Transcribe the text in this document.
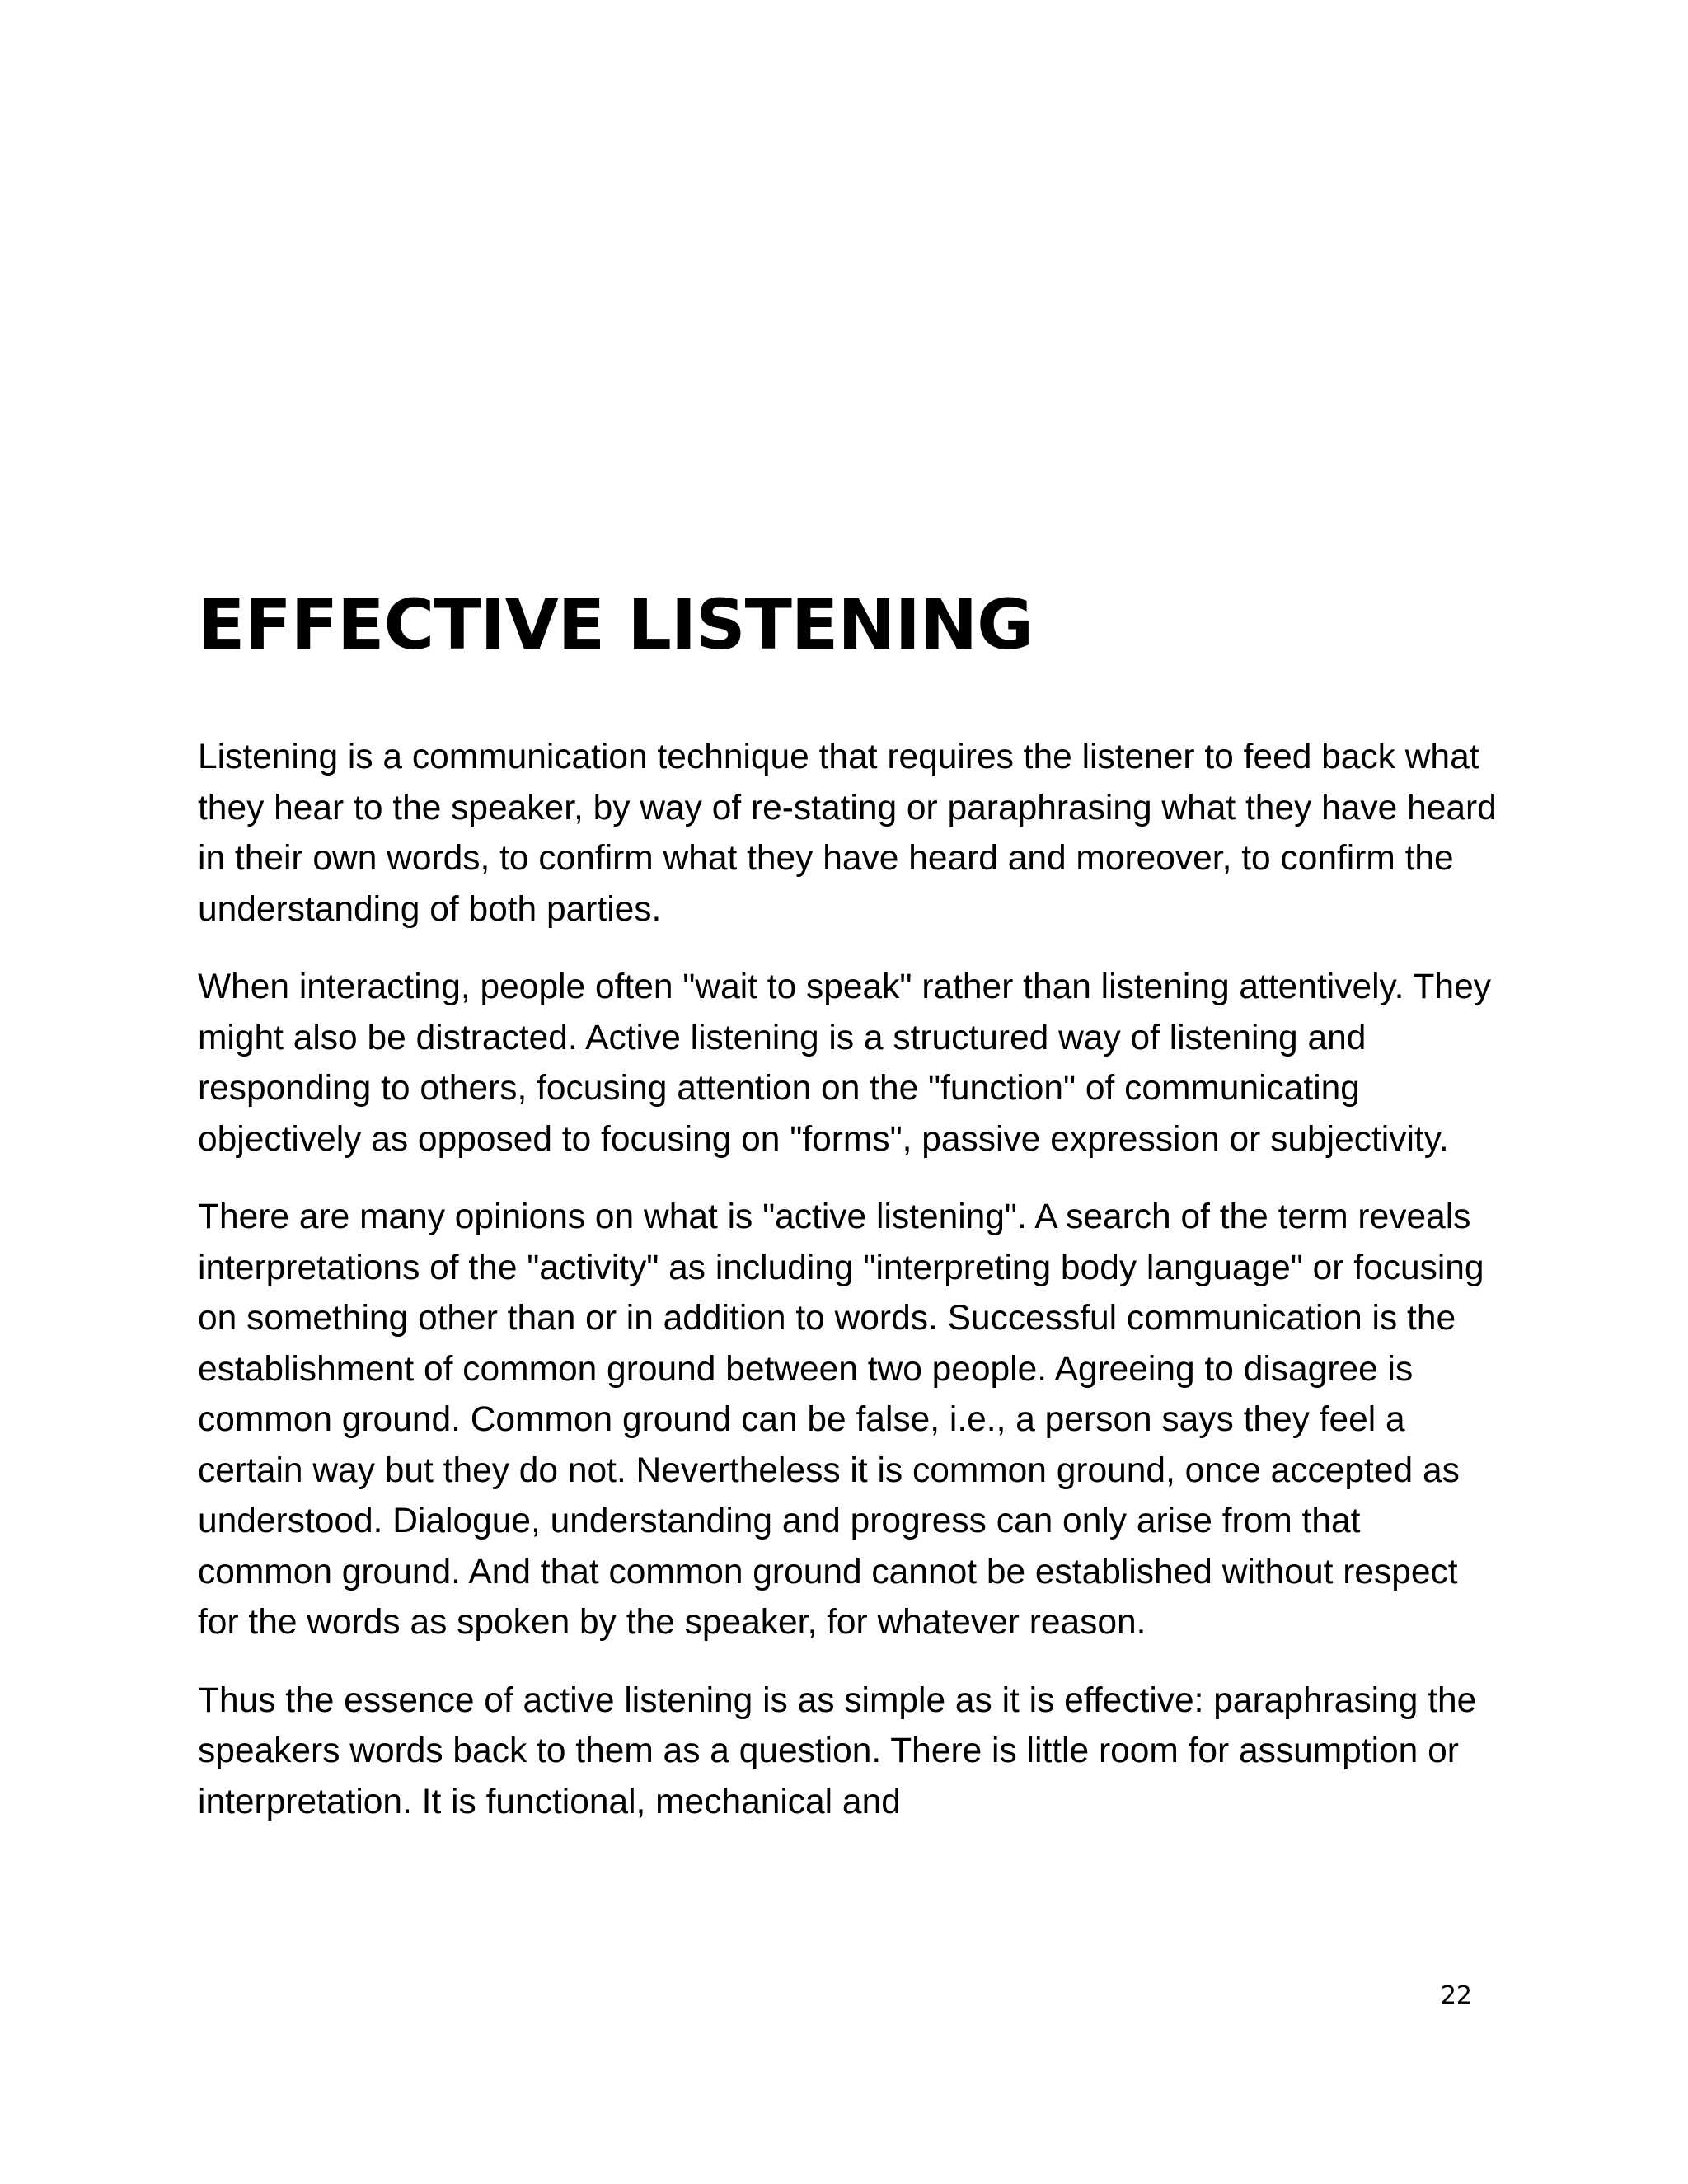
EFFECTIVE LISTENING

Listening is a communication technique that requires the listener to feed back what they hear to the speaker, by way of re-stating or paraphrasing what they have heard in their own words, to confirm what they have heard and moreover, to confirm the understanding of both parties.

When interacting, people often "wait to speak" rather than listening attentively. They might also be distracted. Active listening is a structured way of listening and responding to others, focusing attention on the "function" of communicating objectively as opposed to focusing on "forms", passive expression or subjectivity.

There are many opinions on what is "active listening". A search of the term reveals interpretations of the "activity" as including "interpreting body language" or focusing on something other than or in addition to words. Successful communication is the establishment of common ground between two people. Agreeing to disagree is common ground. Common ground can be false, i.e., a person says they feel a certain way but they do not. Nevertheless it is common ground, once accepted as understood. Dialogue, understanding and progress can only arise from that common ground. And that common ground cannot be established without respect for the words as spoken by the speaker, for whatever reason.

Thus the essence of active listening is as simple as it is effective: paraphrasing the speakers words back to them as a question. There is little room for assumption or interpretation. It is functional, mechanical and

22
